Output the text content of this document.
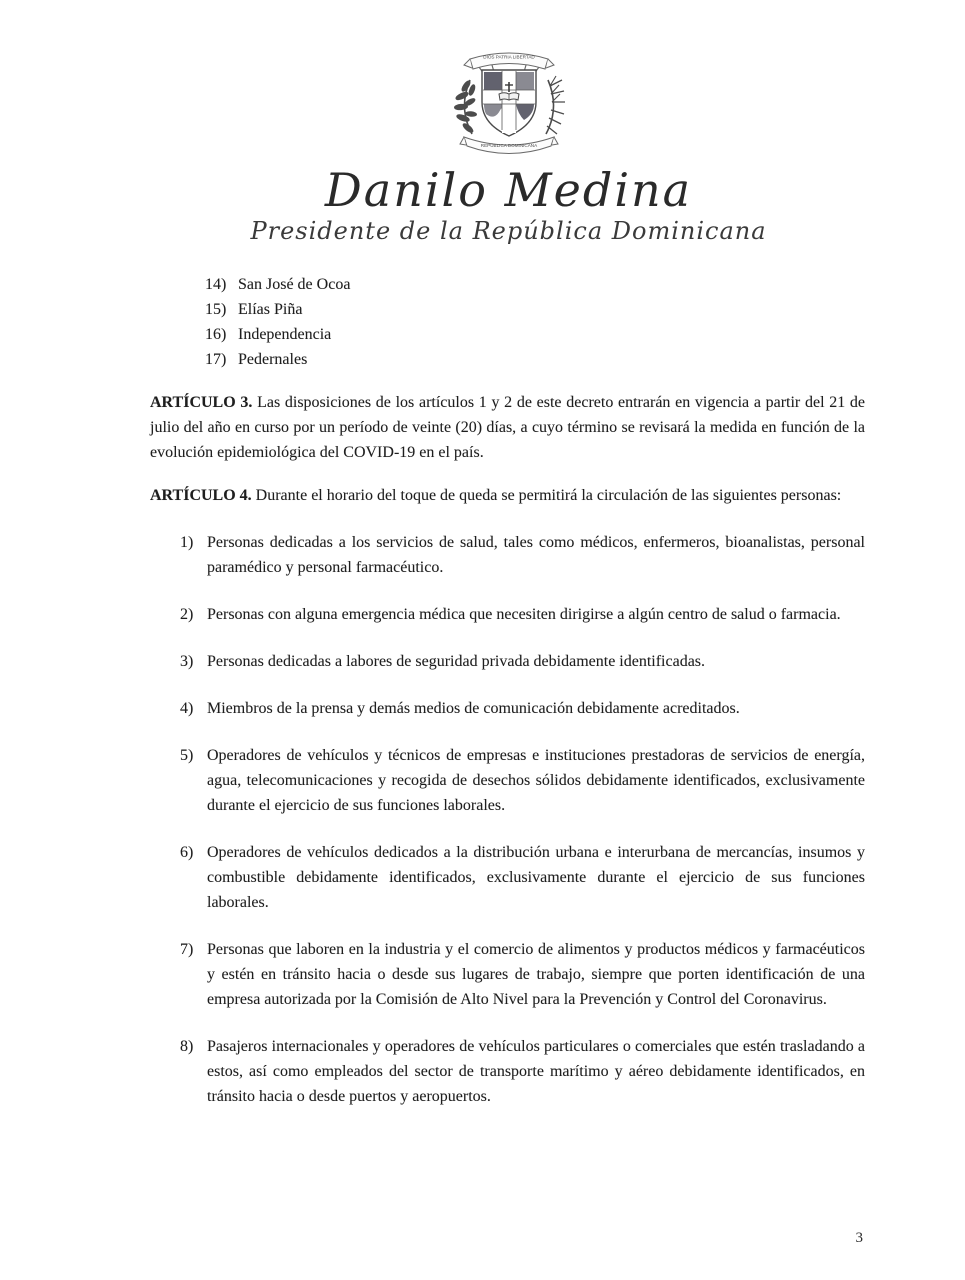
DIOS PATRIA LIBERTAD
REPÚBLICA DOMINICANA
Danilo Medina
Presidente de la República Dominicana
14) San José de Ocoa
15) Elías Piña
16) Independencia
17) Pedernales

ARTÍCULO 3. Las disposiciones de los artículos 1 y 2 de este decreto entrarán en vigencia a partir del 21 de julio del año en curso por un período de veinte (20) días, a cuyo término se revisará la medida en función de la evolución epidemiológica del COVID-19 en el país.

ARTÍCULO 4. Durante el horario del toque de queda se permitirá la circulación de las siguientes personas:

1) Personas dedicadas a los servicios de salud, tales como médicos, enfermeros, bioanalistas, personal paramédico y personal farmacéutico.
2) Personas con alguna emergencia médica que necesiten dirigirse a algún centro de salud o farmacia.
3) Personas dedicadas a labores de seguridad privada debidamente identificadas.
4) Miembros de la prensa y demás medios de comunicación debidamente acreditados.
5) Operadores de vehículos y técnicos de empresas e instituciones prestadoras de servicios de energía, agua, telecomunicaciones y recogida de desechos sólidos debidamente identificados, exclusivamente durante el ejercicio de sus funciones laborales.
6) Operadores de vehículos dedicados a la distribución urbana e interurbana de mercancías, insumos y combustible debidamente identificados, exclusivamente durante el ejercicio de sus funciones laborales.
7) Personas que laboren en la industria y el comercio de alimentos y productos médicos y farmacéuticos y estén en tránsito hacia o desde sus lugares de trabajo, siempre que porten identificación de una empresa autorizada por la Comisión de Alto Nivel para la Prevención y Control del Coronavirus.
8) Pasajeros internacionales y operadores de vehículos particulares o comerciales que estén trasladando a estos, así como empleados del sector de transporte marítimo y aéreo debidamente identificados, en tránsito hacia o desde puertos y aeropuertos.
3
